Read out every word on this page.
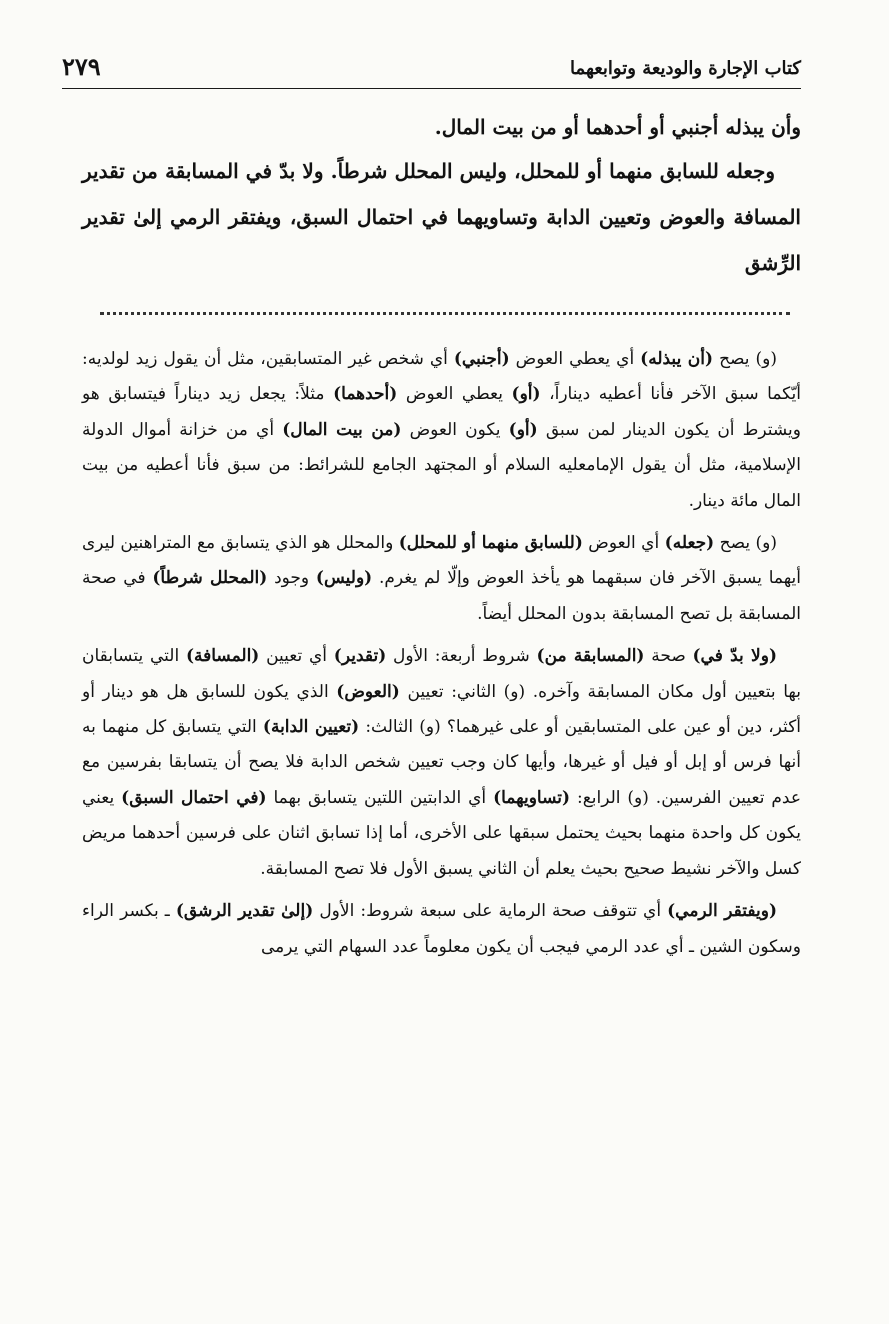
كتاب الإجارة والوديعة وتوابعهما
٢٧٩

وأن يبذله أجنبي أو أحدهما أو من بيت المال.

وجعله للسابق منهما أو للمحلل، وليس المحلل شرطاً. ولا بدّ في المسابقة من تقدير المسافة والعوض وتعيين الدابة وتساويهما في احتمال السبق، ويفتقر الرمي إلىٰ تقدير الرِّشق

(و) يصح (أن يبذله) أي يعطي العوض (أجنبي) أي شخص غير المتسابقين، مثل أن يقول زيد لولديه: أيّكما سبق الآخر فأنا أعطيه ديناراً، (أو) يعطي العوض (أحدهما) مثلاً: يجعل زيد ديناراً فيتسابق هو ويشترط أن يكون الدينار لمن سبق (أو) يكون العوض (من بيت المال) أي من خزانة أموال الدولة الإسلامية، مثل أن يقول الإمامعليه السلام أو المجتهد الجامع للشرائط: من سبق فأنا أعطيه من بيت المال مائة دينار.

(و) يصح (جعله) أي العوض (للسابق منهما أو للمحلل) والمحلل هو الذي يتسابق مع المتراهنين ليرى أيهما يسبق الآخر فان سبقهما هو يأخذ العوض وإلّا لم يغرم. (وليس) وجود (المحلل شرطاً) في صحة المسابقة بل تصح المسابقة بدون المحلل أيضاً.

(ولا بدّ في) صحة (المسابقة من) شروط أربعة: الأول (تقدير) أي تعيين (المسافة) التي يتسابقان بها بتعيين أول مكان المسابقة وآخره. (و) الثاني: تعيين (العوض) الذي يكون للسابق هل هو دينار أو أكثر، دين أو عين على المتسابقين أو على غيرهما؟ (و) الثالث: (تعيين الدابة) التي يتسابق كل منهما به أنها فرس أو إبل أو فيل أو غيرها، وأيها كان وجب تعيين شخص الدابة فلا يصح أن يتسابقا بفرسين مع عدم تعيين الفرسين. (و) الرابع: (تساويهما) أي الدابتين اللتين يتسابق بهما (في احتمال السبق) يعني يكون كل واحدة منهما بحيث يحتمل سبقها على الأخرى، أما إذا تسابق اثنان على فرسين أحدهما مريض كسل والآخر نشيط صحيح بحيث يعلم أن الثاني يسبق الأول فلا تصح المسابقة.

(ويفتقر الرمي) أي تتوقف صحة الرماية على سبعة شروط: الأول (إلىٰ تقدير الرشق) ـ بكسر الراء وسكون الشين ـ أي عدد الرمي فيجب أن يكون معلوماً عدد السهام التي يرمى
